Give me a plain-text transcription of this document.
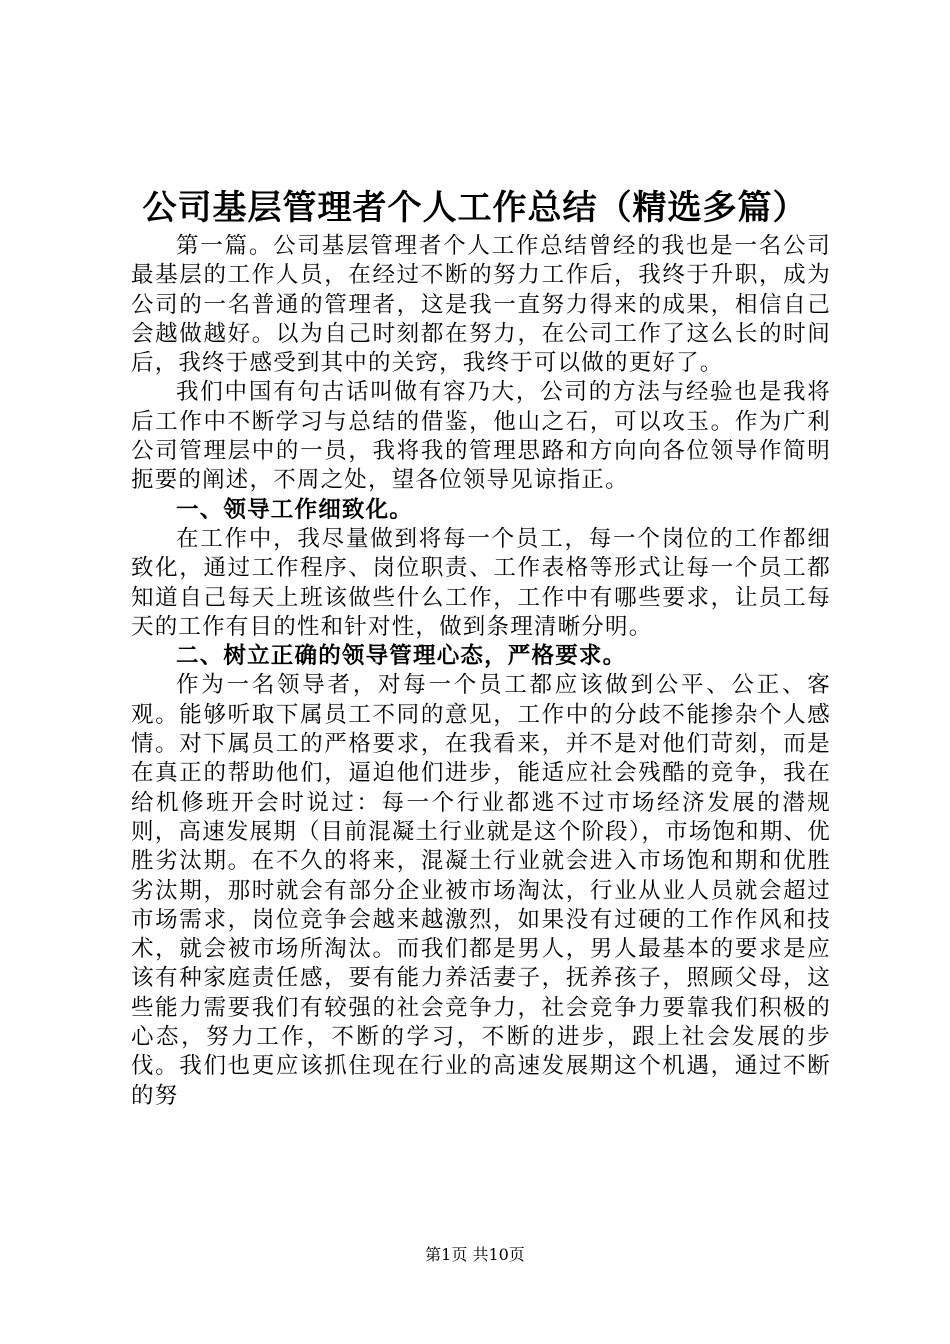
公司基层管理者个人工作总结（精选多篇）

第一篇。公司基层管理者个人工作总结曾经的我也是一名公司最基层的工作人员，在经过不断的努力工作后，我终于升职，成为公司的一名普通的管理者，这是我一直努力得来的成果，相信自己会越做越好。以为自己时刻都在努力，在公司工作了这么长的时间后，我终于感受到其中的关窍，我终于可以做的更好了。

我们中国有句古话叫做有容乃大，公司的方法与经验也是我将后工作中不断学习与总结的借鉴，他山之石，可以攻玉。作为广利公司管理层中的一员，我将我的管理思路和方向向各位领导作简明扼要的阐述，不周之处，望各位领导见谅指正。

一、领导工作细致化。

在工作中，我尽量做到将每一个员工，每一个岗位的工作都细致化，通过工作程序、岗位职责、工作表格等形式让每一个员工都知道自己每天上班该做些什么工作，工作中有哪些要求，让员工每天的工作有目的性和针对性，做到条理清晰分明。

二、树立正确的领导管理心态，严格要求。

作为一名领导者，对每一个员工都应该做到公平、公正、客观。能够听取下属员工不同的意见，工作中的分歧不能掺杂个人感情。对下属员工的严格要求，在我看来，并不是对他们苛刻，而是在真正的帮助他们，逼迫他们进步，能适应社会残酷的竞争，我在给机修班开会时说过：每一个行业都逃不过市场经济发展的潜规则，高速发展期（目前混凝土行业就是这个阶段），市场饱和期、优胜劣汰期。在不久的将来，混凝土行业就会进入市场饱和期和优胜劣汰期，那时就会有部分企业被市场淘汰，行业从业人员就会超过市场需求，岗位竞争会越来越激烈，如果没有过硬的工作作风和技术，就会被市场所淘汰。而我们都是男人，男人最基本的要求是应该有种家庭责任感，要有能力养活妻子，抚养孩子，照顾父母，这些能力需要我们有较强的社会竞争力，社会竞争力要靠我们积极的心态，努力工作，不断的学习，不断的进步，跟上社会发展的步伐。我们也更应该抓住现在行业的高速发展期这个机遇，通过不断的努

第1页 共10页
